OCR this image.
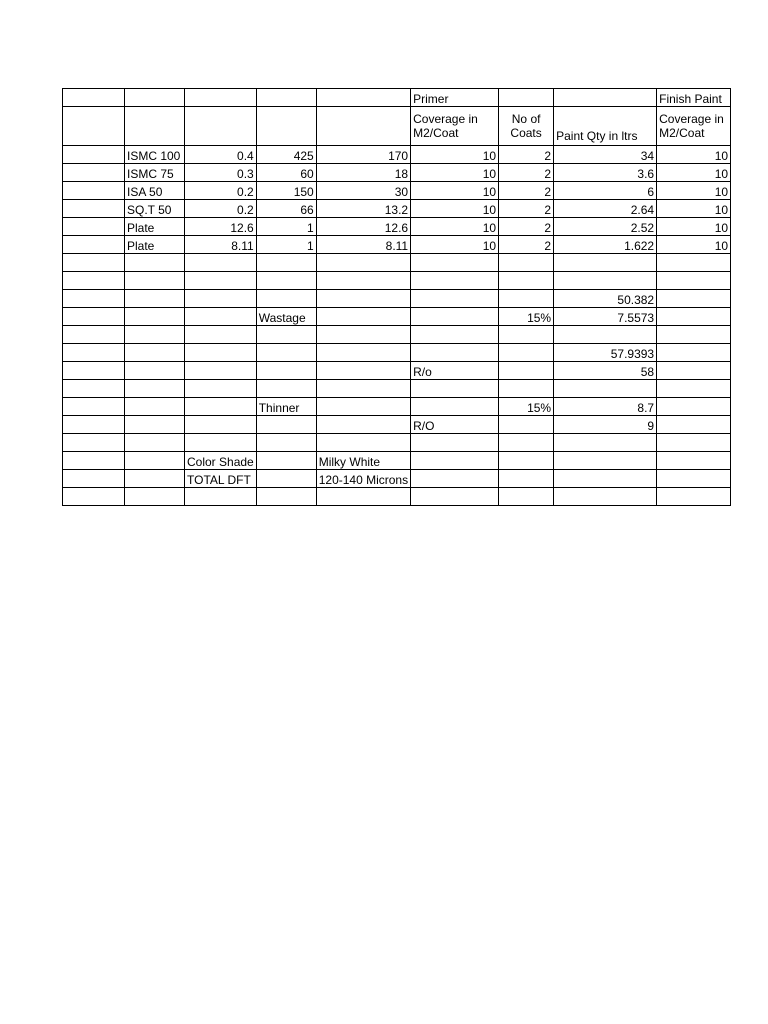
					Primer			Finish Paint
					Coverage in M2/Coat	No of Coats	Paint Qty in ltrs	Coverage in M2/Coat
	ISMC 100	0.4	425	170	10	2	34	10
	ISMC 75	0.3	60	18	10	2	3.6	10
	ISA 50	0.2	150	30	10	2	6	10
	SQ.T 50	0.2	66	13.2	10	2	2.64	10
	Plate	12.6	1	12.6	10	2	2.52	10
	Plate	8.11	1	8.11	10	2	1.622	10

							50.382	
			Wastage			15%	7.5573	

							57.9393	
					R/o		58	

			Thinner			15%	8.7	
					R/O		9	

		Color Shade		Milky White				
		TOTAL DFT		120-140 Microns				
